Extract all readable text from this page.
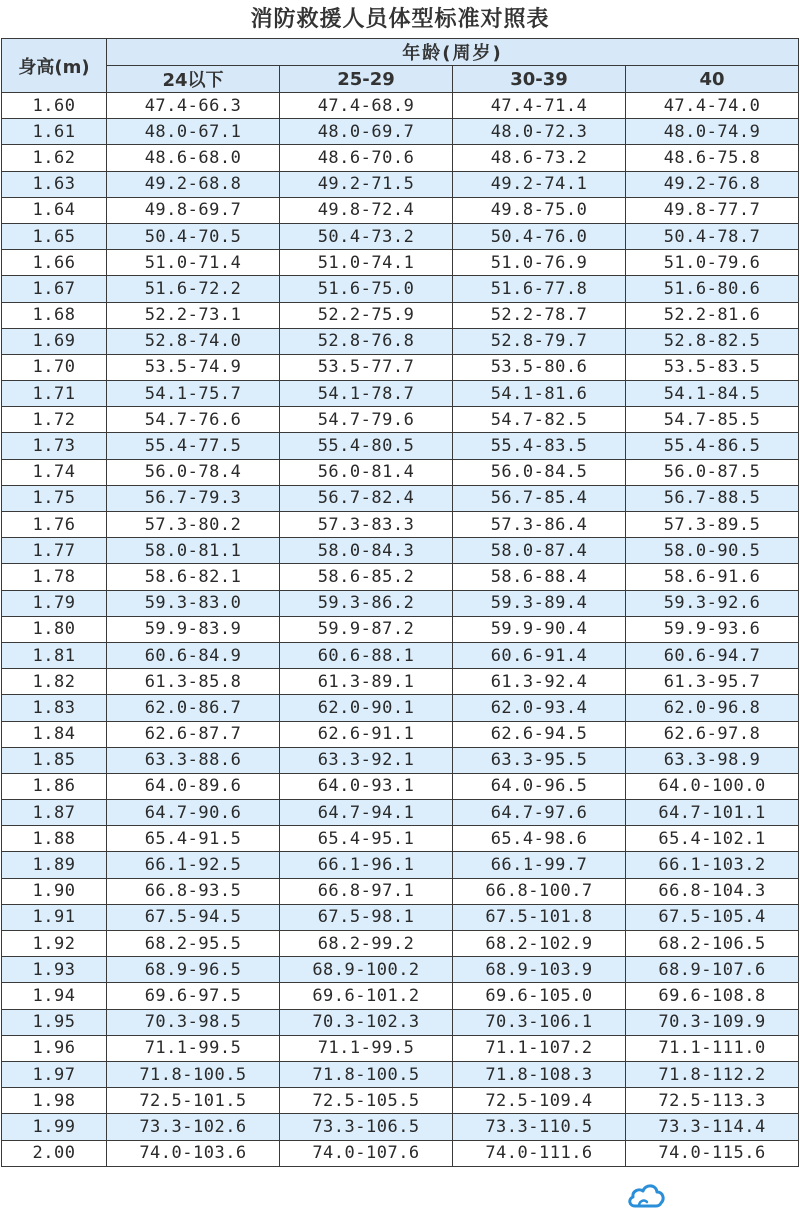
消防救援人员体型标准对照表
身高(m)	年龄(周岁)			
	24以下	25-29	30-39	40
1.60	47.4-66.3	47.4-68.9	47.4-71.4	47.4-74.0
1.61	48.0-67.1	48.0-69.7	48.0-72.3	48.0-74.9
1.62	48.6-68.0	48.6-70.6	48.6-73.2	48.6-75.8
1.63	49.2-68.8	49.2-71.5	49.2-74.1	49.2-76.8
1.64	49.8-69.7	49.8-72.4	49.8-75.0	49.8-77.7
1.65	50.4-70.5	50.4-73.2	50.4-76.0	50.4-78.7
1.66	51.0-71.4	51.0-74.1	51.0-76.9	51.0-79.6
1.67	51.6-72.2	51.6-75.0	51.6-77.8	51.6-80.6
1.68	52.2-73.1	52.2-75.9	52.2-78.7	52.2-81.6
1.69	52.8-74.0	52.8-76.8	52.8-79.7	52.8-82.5
1.70	53.5-74.9	53.5-77.7	53.5-80.6	53.5-83.5
1.71	54.1-75.7	54.1-78.7	54.1-81.6	54.1-84.5
1.72	54.7-76.6	54.7-79.6	54.7-82.5	54.7-85.5
1.73	55.4-77.5	55.4-80.5	55.4-83.5	55.4-86.5
1.74	56.0-78.4	56.0-81.4	56.0-84.5	56.0-87.5
1.75	56.7-79.3	56.7-82.4	56.7-85.4	56.7-88.5
1.76	57.3-80.2	57.3-83.3	57.3-86.4	57.3-89.5
1.77	58.0-81.1	58.0-84.3	58.0-87.4	58.0-90.5
1.78	58.6-82.1	58.6-85.2	58.6-88.4	58.6-91.6
1.79	59.3-83.0	59.3-86.2	59.3-89.4	59.3-92.6
1.80	59.9-83.9	59.9-87.2	59.9-90.4	59.9-93.6
1.81	60.6-84.9	60.6-88.1	60.6-91.4	60.6-94.7
1.82	61.3-85.8	61.3-89.1	61.3-92.4	61.3-95.7
1.83	62.0-86.7	62.0-90.1	62.0-93.4	62.0-96.8
1.84	62.6-87.7	62.6-91.1	62.6-94.5	62.6-97.8
1.85	63.3-88.6	63.3-92.1	63.3-95.5	63.3-98.9
1.86	64.0-89.6	64.0-93.1	64.0-96.5	64.0-100.0
1.87	64.7-90.6	64.7-94.1	64.7-97.6	64.7-101.1
1.88	65.4-91.5	65.4-95.1	65.4-98.6	65.4-102.1
1.89	66.1-92.5	66.1-96.1	66.1-99.7	66.1-103.2
1.90	66.8-93.5	66.8-97.1	66.8-100.7	66.8-104.3
1.91	67.5-94.5	67.5-98.1	67.5-101.8	67.5-105.4
1.92	68.2-95.5	68.2-99.2	68.2-102.9	68.2-106.5
1.93	68.9-96.5	68.9-100.2	68.9-103.9	68.9-107.6
1.94	69.6-97.5	69.6-101.2	69.6-105.0	69.6-108.8
1.95	70.3-98.5	70.3-102.3	70.3-106.1	70.3-109.9
1.96	71.1-99.5	71.1-99.5	71.1-107.2	71.1-111.0
1.97	71.8-100.5	71.8-100.5	71.8-108.3	71.8-112.2
1.98	72.5-101.5	72.5-105.5	72.5-109.4	72.5-113.3
1.99	73.3-102.6	73.3-106.5	73.3-110.5	73.3-114.4
2.00	74.0-103.6	74.0-107.6	74.0-111.6	74.0-115.6
